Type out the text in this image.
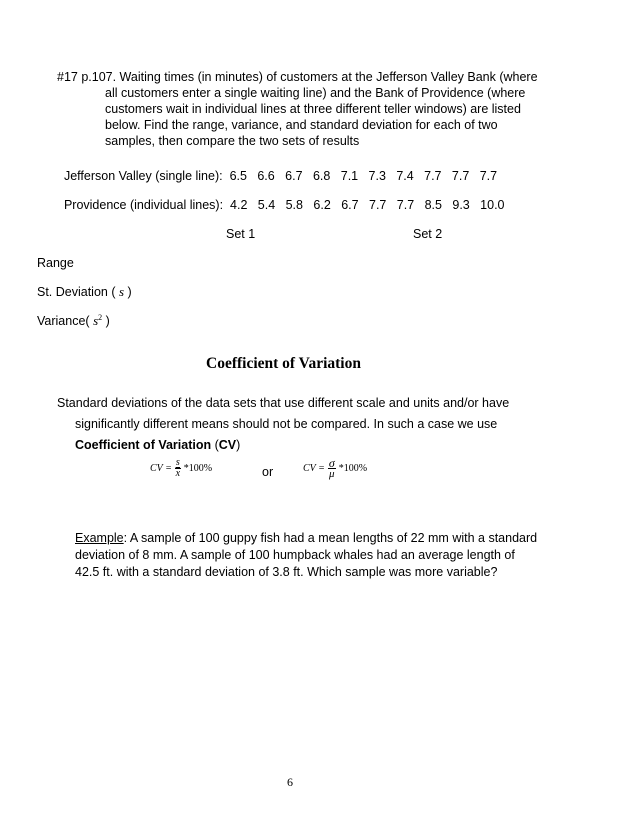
#17 p.107. Waiting times (in minutes) of customers at the Jefferson Valley Bank (where
all customers enter a single waiting line) and the Bank of Providence (where
customers wait in individual lines at three different teller windows) are listed
below. Find the range, variance, and standard deviation for each of two
samples, then compare the two sets of results

Jefferson Valley (single line): 6.5   6.6   6.7   6.8   7.1   7.3   7.4   7.7   7.7   7.7

Providence (individual lines): 4.2   5.4   5.8   6.2   6.7   7.7   7.7   8.5   9.3   10.0

Set 1	Set 2
Range
St. Deviation ( s )
Variance( $s^2$ )
Coefficient of Variation
Standard deviations of the data sets that use different scale and units and/or have
significantly different means should not be compared. In such a case we use
Coefficient of Variation (CV)
CV = $\frac{s}{x} *100\%$	or	CV = $\frac{\sigma}{\mu} *100\%$
Example: A sample of 100 guppy fish had a mean lengths of 22 mm with a standard
deviation of 8 mm. A sample of 100 humpback whales had an average length of
42.5 ft. with a standard deviation of 3.8 ft. Which sample was more variable?
6
